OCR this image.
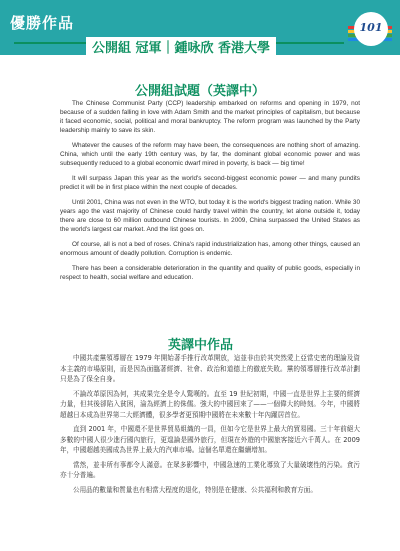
優勝作品	101
公開組 冠軍｜鍾咏欣 香港大學
公開組試題（英譯中）

The Chinese Communist Party (CCP) leadership embarked on reforms and opening in 1979, not because of a sudden falling in love with Adam Smith and the market principles of capitalism, but because it faced economic, social, political and moral bankruptcy. The reform program was launched by the Party leadership mainly to save its skin.

Whatever the causes of the reform may have been, the consequences are nothing short of amazing. China, which until the early 19th century was, by far, the dominant global economic power and was subsequently reduced to a global economic dwarf mired in poverty, is back — big time!

It will surpass Japan this year as the world's second-biggest economic power — and many pundits predict it will be in first place within the next couple of decades.

Until 2001, China was not even in the WTO, but today it is the world's biggest trading nation. While 30 years ago the vast majority of Chinese could hardly travel within the country, let alone outside it, today there are close to 60 million outbound Chinese tourists. In 2009, China surpassed the United States as the world's largest car market. And the list goes on.

Of course, all is not a bed of roses. China's rapid industrialization has, among other things, caused an enormous amount of deadly pollution. Corruption is endemic.

There has been a considerable deterioration in the quantity and quality of public goods, especially in respect to health, social welfare and education.

英譯中作品

中國共產黨領導層在 1979 年開始著手推行改革開放，這並非由於其突然愛上亞當史密的理論及資本主義的市場原則，而是因為面臨著經濟、社會、政治和道德上的徹底失敗。黨的領導層推行改革計劃只是為了保全自身。

不論改革原因為何，其成果完全是令人驚嘆的。直至 19 世紀初期，中國一直是世界上主要的經濟力量，但其後卻陷入貧困，淪為經濟上的侏儒。強大的中國回來了——一個偉大的時刻。今年，中國將超越日本成為世界第二大經濟體，很多學者更預期中國將在未來數十年內躍居首位。

直到 2001 年，中國還不是世界貿易組織的一員，但如今它是世界上最大的貿易國。三十年前絕大多數的中國人很少進行國內旅行，更遑論是國外旅行，但現在外遊的中國旅客接近六千萬人。在 2009 年，中國超越美國成為世界上最大的汽車市場。這個名單還在繼續增加。

當然，並非所有事都令人滿意。在眾多影響中，中國急速的工業化導致了大量破壞性的污染。貪污亦十分普遍。

公用品的數量和質量也有相當大程度的退化，特別是在健康、公共福利和教育方面。
